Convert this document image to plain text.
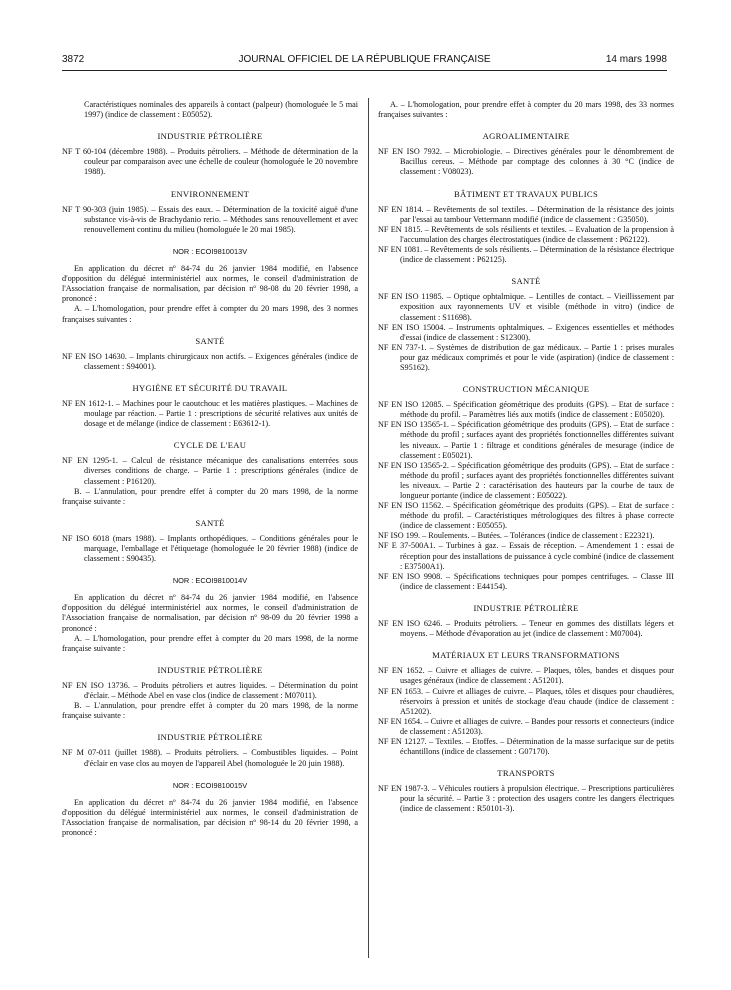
3872	JOURNAL OFFICIEL DE LA RÉPUBLIQUE FRANÇAISE	14 mars 1998

Caractéristiques nominales des appareils à contact (palpeur) (homologuée le 5 mai 1997) (indice de classement : E05052).

INDUSTRIE PÉTROLIÈRE

NF T 60-104 (décembre 1988). – Produits pétroliers. – Méthode de détermination de la couleur par comparaison avec une échelle de couleur (homologuée le 20 novembre 1988).

ENVIRONNEMENT

NF T 90-303 (juin 1985). – Essais des eaux. – Détermination de la toxicité aiguë d'une substance vis-à-vis de Brachydanio rerio. – Méthodes sans renouvellement et avec renouvellement continu du milieu (homologuée le 20 mai 1985).

NOR : ECOI9810013V

En application du décret nº 84-74 du 26 janvier 1984 modifié, en l'absence d'opposition du délégué interministériel aux normes, le conseil d'administration de l'Association française de normalisation, par décision nº 98-08 du 20 février 1998, a prononcé :

A. – L'homologation, pour prendre effet à compter du 20 mars 1998, des 3 normes françaises suivantes :

SANTÉ

NF EN ISO 14630. – Implants chirurgicaux non actifs. – Exigences générales (indice de classement : S94001).

HYGIÈNE ET SÉCURITÉ DU TRAVAIL

NF EN 1612-1. – Machines pour le caoutchouc et les matières plastiques. – Machines de moulage par réaction. – Partie 1 : prescriptions de sécurité relatives aux unités de dosage et de mélange (indice de classement : E63612-1).

CYCLE DE L'EAU

NF EN 1295-1. – Calcul de résistance mécanique des canalisations enterrées sous diverses conditions de charge. – Partie 1 : prescriptions générales (indice de classement : P16120).

B. – L'annulation, pour prendre effet à compter du 20 mars 1998, de la norme française suivante :

SANTÉ

NF ISO 6018 (mars 1988). – Implants orthopédiques. – Conditions générales pour le marquage, l'emballage et l'étiquetage (homologuée le 20 février 1988) (indice de classement : S90435).

NOR : ECOI9810014V

En application du décret nº 84-74 du 26 janvier 1984 modifié, en l'absence d'opposition du délégué interministériel aux normes, le conseil d'administration de l'Association française de normalisation, par décision nº 98-09 du 20 février 1998 a prononcé :

A. – L'homologation, pour prendre effet à compter du 20 mars 1998, de la norme française suivante :

INDUSTRIE PÉTROLIÈRE

NF EN ISO 13736. – Produits pétroliers et autres liquides. – Détermination du point d'éclair. – Méthode Abel en vase clos (indice de classement : M07011).

B. – L'annulation, pour prendre effet à compter du 20 mars 1998, de la norme française suivante :

INDUSTRIE PÉTROLIÈRE

NF M 07-011 (juillet 1988). – Produits pétroliers. – Combustibles liquides. – Point d'éclair en vase clos au moyen de l'appareil Abel (homologuée le 20 juin 1988).

NOR : ECOI9810015V

En application du décret nº 84-74 du 26 janvier 1984 modifié, en l'absence d'opposition du délégué interministériel aux normes, le conseil d'administration de l'Association française de normalisation, par décision nº 98-14 du 20 février 1998, a prononcé :

A. – L'homologation, pour prendre effet à compter du 20 mars 1998, des 33 normes françaises suivantes :

AGROALIMENTAIRE

NF EN ISO 7932. – Microbiologie. – Directives générales pour le dénombrement de Bacillus cereus. – Méthode par comptage des colonnes à 30 °C (indice de classement : V08023).

BÂTIMENT ET TRAVAUX PUBLICS

NF EN 1814. – Revêtements de sol textiles. – Détermination de la résistance des joints par l'essai au tambour Vettermann modifié (indice de classement : G35050).

NF EN 1815. – Revêtements de sols résilients et textiles. – Evaluation de la propension à l'accumulation des charges électrostatiques (indice de classement : P62122).

NF EN 1081. – Revêtements de sols résilients. – Détermination de la résistance électrique (indice de classement : P62125).

SANTÉ

NF EN ISO 11985. – Optique ophtalmique. – Lentilles de contact. – Vieillissement par exposition aux rayonnements UV et visible (méthode in vitro) (indice de classement : S11698).

NF EN ISO 15004. – Instruments ophtalmiques. – Exigences essentielles et méthodes d'essai (indice de classement : S12300).

NF EN 737-1. – Systèmes de distribution de gaz médicaux. – Partie 1 : prises murales pour gaz médicaux comprimés et pour le vide (aspiration) (indice de classement : S95162).

CONSTRUCTION MÉCANIQUE

NF EN ISO 12085. – Spécification géométrique des produits (GPS). – Etat de surface : méthode du profil. – Paramètres liés aux motifs (indice de classement : E05020).

NF EN ISO 13565-1. – Spécification géométrique des produits (GPS). – Etat de surface : méthode du profil ; surfaces ayant des propriétés fonctionnelles différentes suivant les niveaux. – Partie 1 : filtrage et conditions générales de mesurage (indice de classement : E05021).

NF EN ISO 13565-2. – Spécification géométrique des produits (GPS). – Etat de surface : méthode du profil ; surfaces ayant des propriétés fonctionnelles différentes suivant les niveaux. – Partie 2 : caractérisation des hauteurs par la courbe de taux de longueur portante (indice de classement : E05022).

NF EN ISO 11562. – Spécification géométrique des produits (GPS). – Etat de surface : méthode du profil. – Caractéristiques métrologiques des filtres à phase correcte (indice de classement : E05055).

NF ISO 199. – Roulements. – Butées. – Tolérances (indice de classement : E22321).

NF E 37-500A1. – Turbines à gaz. – Essais de réception. – Amendement 1 : essai de réception pour des installations de puissance à cycle combiné (indice de classement : E37500A1).

NF EN ISO 9908. – Spécifications techniques pour pompes centrifuges. – Classe III (indice de classement : E44154).

INDUSTRIE PÉTROLIÈRE

NF EN ISO 6246. – Produits pétroliers. – Teneur en gommes des distillats légers et moyens. – Méthode d'évaporation au jet (indice de classement : M07004).

MATÉRIAUX ET LEURS TRANSFORMATIONS

NF EN 1652. – Cuivre et alliages de cuivre. – Plaques, tôles, bandes et disques pour usages généraux (indice de classement : A51201).

NF EN 1653. – Cuivre et alliages de cuivre. – Plaques, tôles et disques pour chaudières, réservoirs à pression et unités de stockage d'eau chaude (indice de classement : A51202).

NF EN 1654. – Cuivre et alliages de cuivre. – Bandes pour ressorts et connecteurs (indice de classement : A51203).

NF EN 12127. – Textiles. – Etoffes. – Détermination de la masse surfacique sur de petits échantillons (indice de classement : G07170).

TRANSPORTS

NF EN 1987-3. – Véhicules routiers à propulsion électrique. – Prescriptions particulières pour la sécurité. – Partie 3 : protection des usagers contre les dangers électriques (indice de classement : R50101-3).
